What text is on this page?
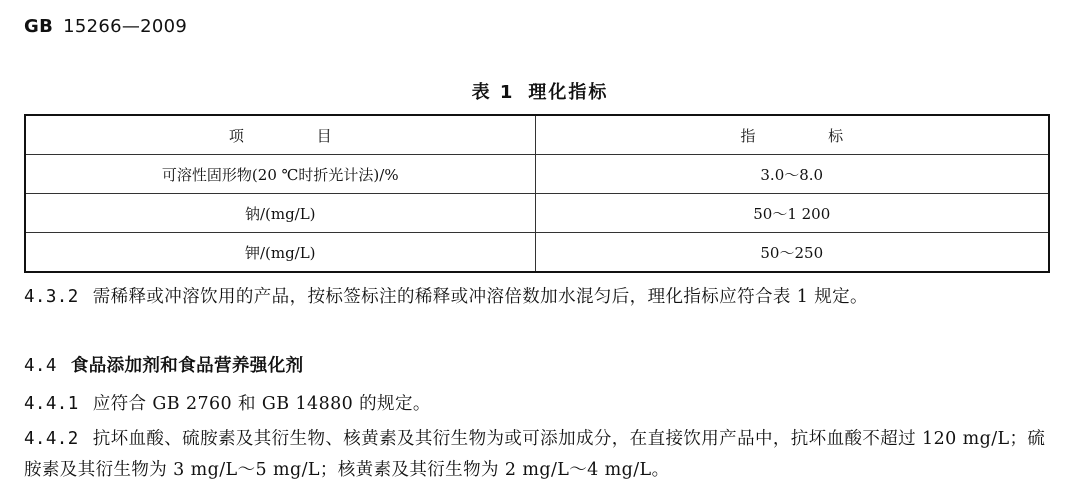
GB 15266—2009
表 1 理化指标
项 目	指 标
可溶性固形物(20 ℃时折光计法)/%	3.0～8.0
钠/(mg/L)	50～1 200
钾/(mg/L)	50～250
4.3.2 需稀释或冲溶饮用的产品，按标签标注的稀释或冲溶倍数加水混匀后，理化指标应符合表 1 规定。
4.4 食品添加剂和食品营养强化剂
4.4.1 应符合 GB 2760 和 GB 14880 的规定。
4.4.2 抗坏血酸、硫胺素及其衍生物、核黄素及其衍生物为或可添加成分，在直接饮用产品中，抗坏血酸不超过 120 mg/L；硫胺素及其衍生物为 3 mg/L～5 mg/L；核黄素及其衍生物为 2 mg/L～4 mg/L。
